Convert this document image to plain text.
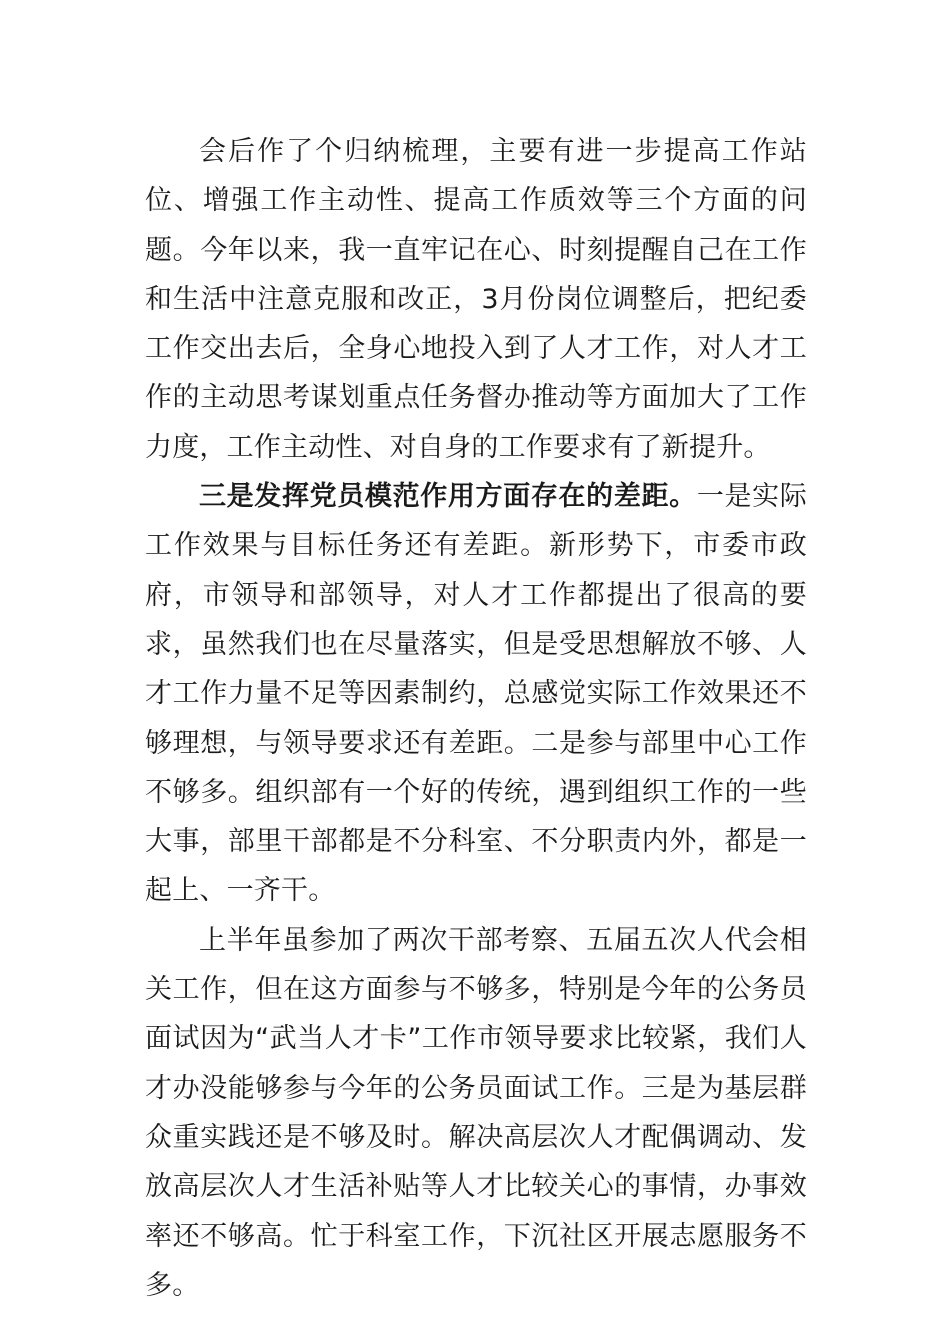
会后作了个归纳梳理，主要有进一步提高工作站位、增强工作主动性、提高工作质效等三个方面的问题。今年以来，我一直牢记在心、时刻提醒自己在工作和生活中注意克服和改正，3月份岗位调整后，把纪委工作交出去后，全身心地投入到了人才工作，对人才工作的主动思考谋划重点任务督办推动等方面加大了工作力度，工作主动性、对自身的工作要求有了新提升。

三是发挥党员模范作用方面存在的差距。一是实际工作效果与目标任务还有差距。新形势下，市委市政府，市领导和部领导，对人才工作都提出了很高的要求，虽然我们也在尽量落实，但是受思想解放不够、人才工作力量不足等因素制约，总感觉实际工作效果还不够理想，与领导要求还有差距。二是参与部里中心工作不够多。组织部有一个好的传统，遇到组织工作的一些大事，部里干部都是不分科室、不分职责内外，都是一起上、一齐干。

上半年虽参加了两次干部考察、五届五次人代会相关工作，但在这方面参与不够多，特别是今年的公务员面试因为“武当人才卡”工作市领导要求比较紧，我们人才办没能够参与今年的公务员面试工作。三是为基层群众重实践还是不够及时。解决高层次人才配偶调动、发放高层次人才生活补贴等人才比较关心的事情，办事效率还不够高。忙于科室工作，下沉社区开展志愿服务不多。
